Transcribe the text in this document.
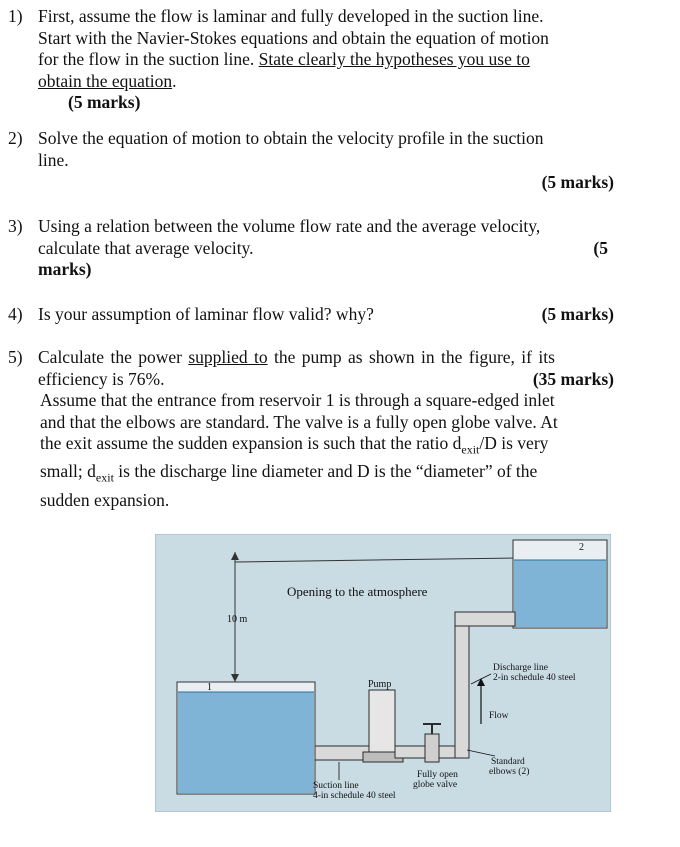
1) First, assume the flow is laminar and fully developed in the suction line.
Start with the Navier-Stokes equations and obtain the equation of motion
for the flow in the suction line. State clearly the hypotheses you use to
obtain the equation.
(5 marks)
2) Solve the equation of motion to obtain the velocity profile in the suction
line.
(5 marks)
3) Using a relation between the volume flow rate and the average velocity,
calculate that average velocity.
marks)
(5
4) Is your assumption of laminar flow valid? why?	(5 marks)
5) Calculate the power supplied to the pump as shown in the figure, if its
efficiency is 76%.
Assume that the entrance from reservoir 1 is through a square-edged inlet
and that the elbows are standard. The valve is a fully open globe valve. At
the exit assume the sudden expansion is such that the ratio $d_{exit}/D$ is very
small; $d_{exit}$ is the discharge line diameter and D is the “diameter” of the
sudden expansion.
(35 marks)
1
2
Pump
Opening to the atmosphere
10 m
Discharge line
2-in schedule 40 steel
Flow
Suction line
4-in schedule 40 steel
Fully open
globe valve
Standard
elbows (2)
